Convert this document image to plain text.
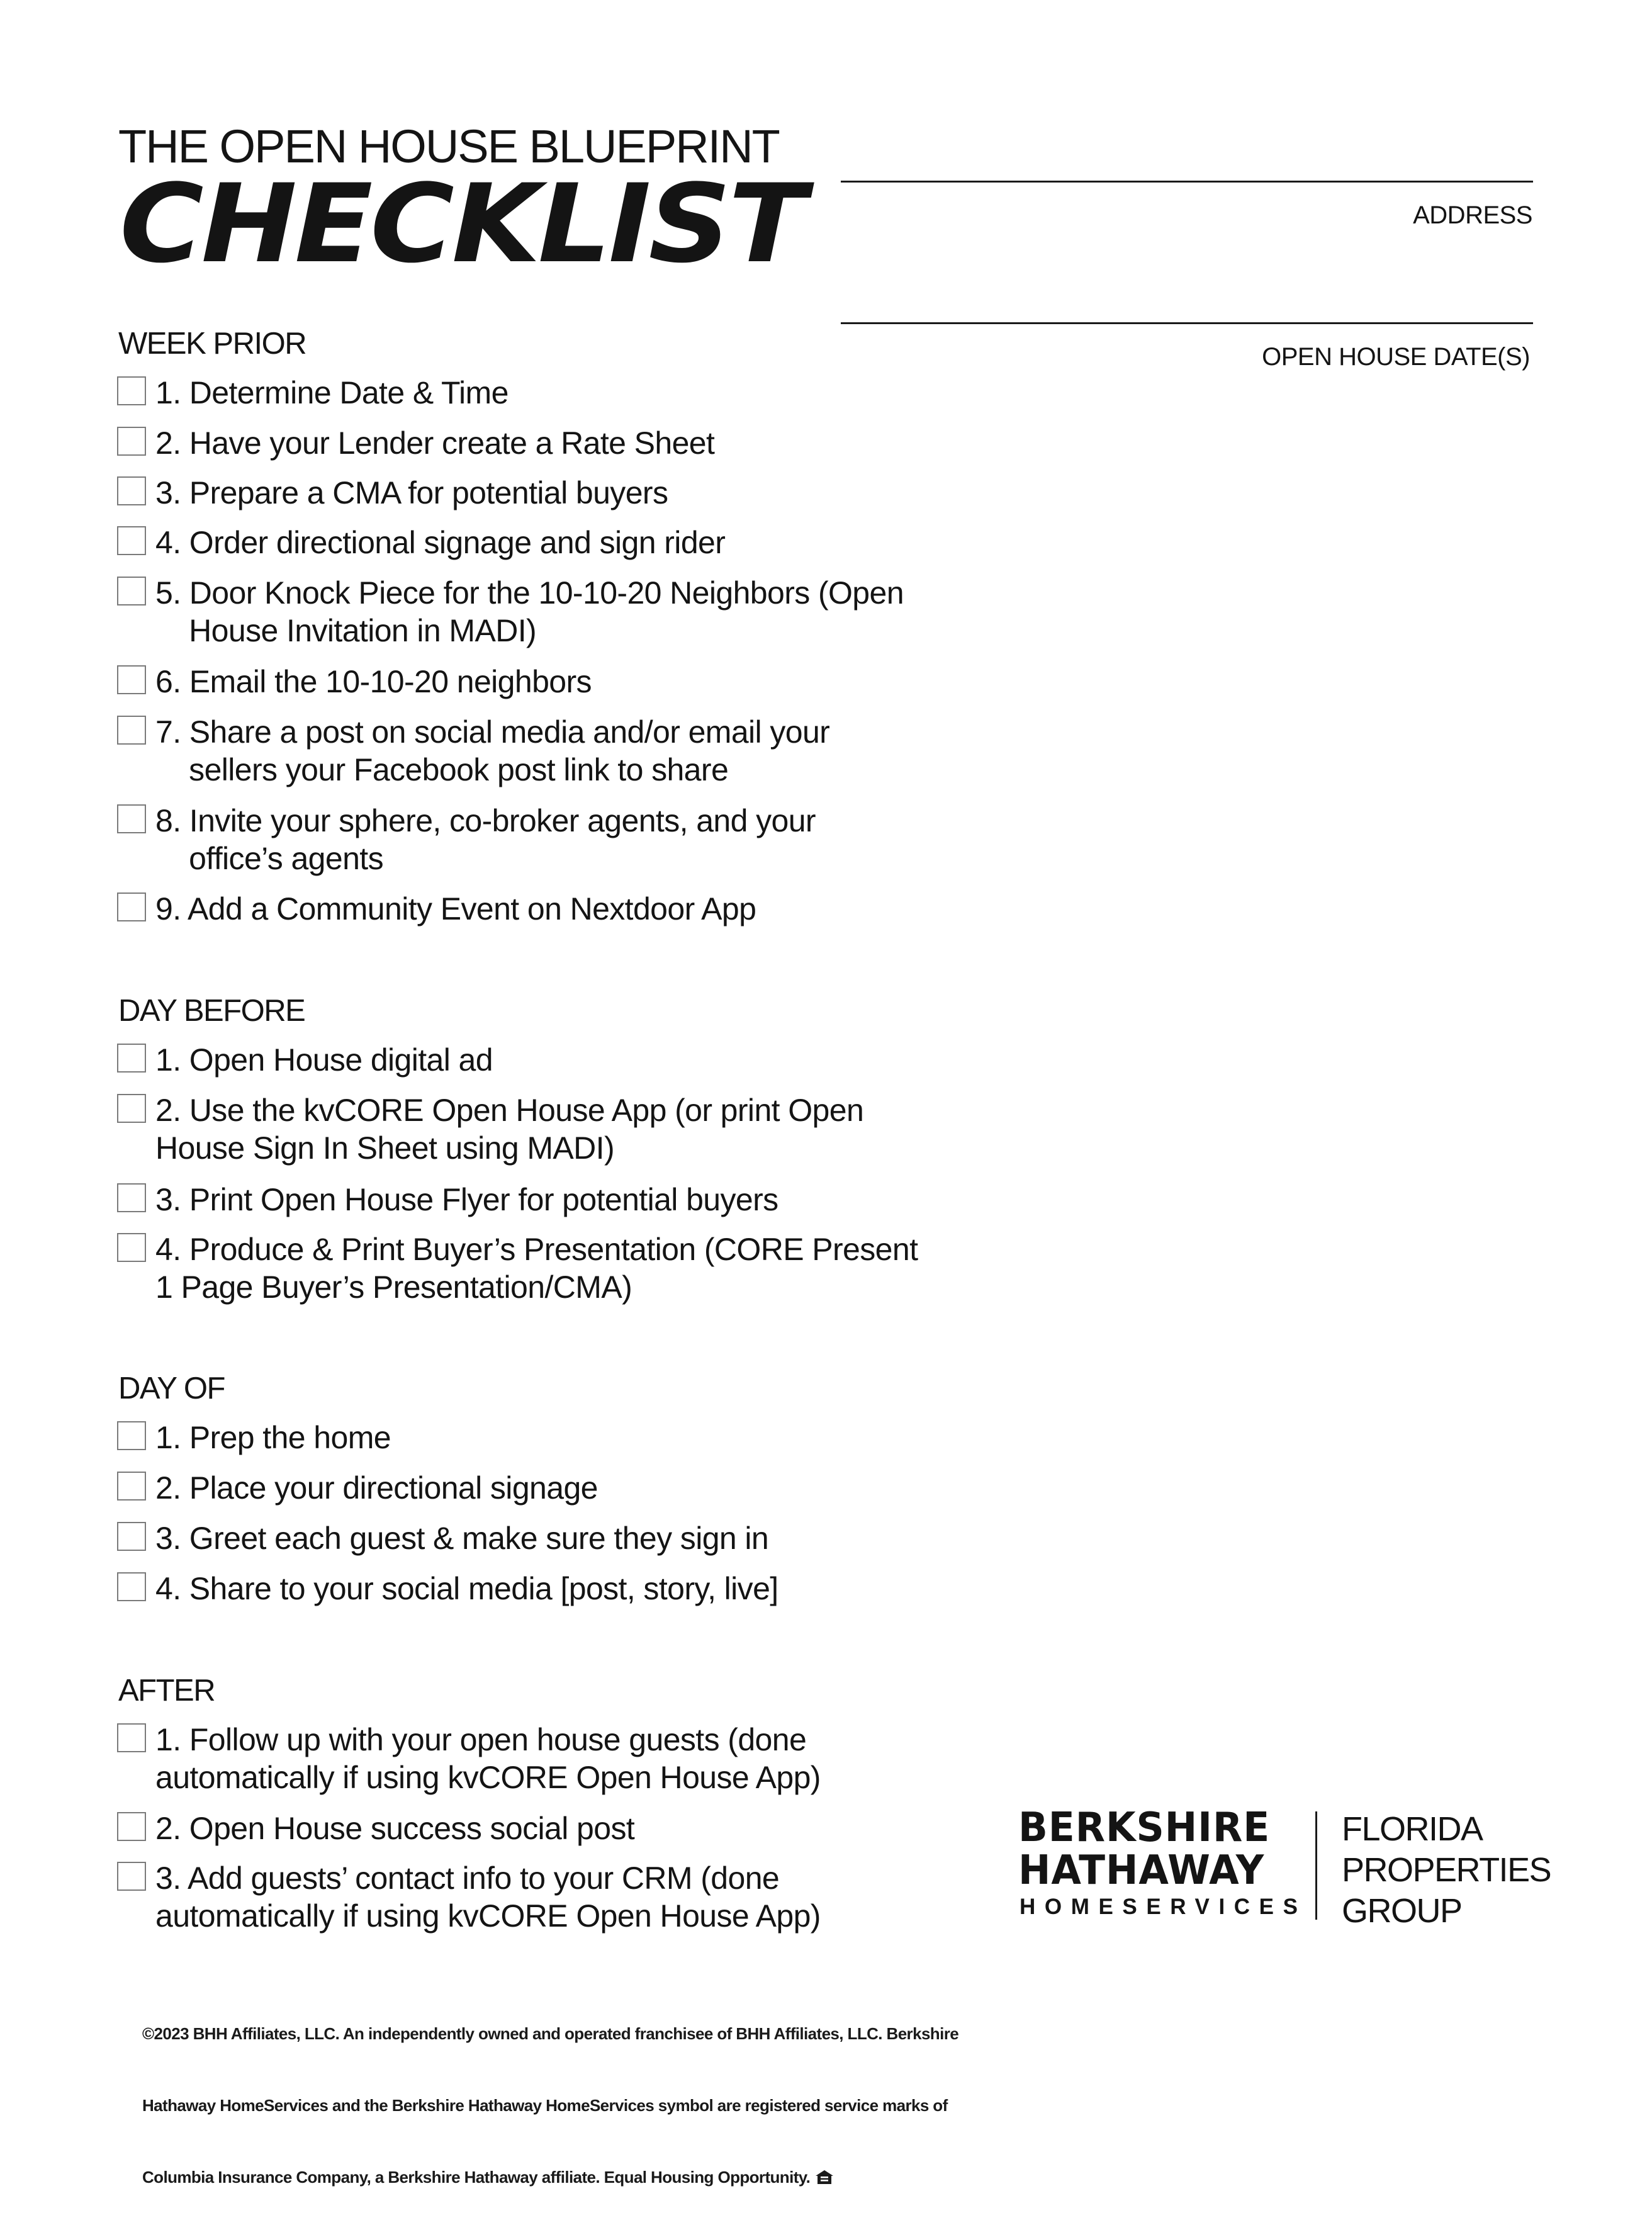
THE OPEN HOUSE BLUEPRINT
CHECKLIST	ADDRESS
OPEN HOUSE DATE(S)
WEEK PRIOR
1. Determine Date & Time
2. Have your Lender create a Rate Sheet
3. Prepare a CMA for potential buyers
4. Order directional signage and sign rider
5. Door Knock Piece for the 10-10-20 Neighbors (Open
House Invitation in MADI)
6. Email the 10-10-20 neighbors
7. Share a post on social media and/or email your
sellers your Facebook post link to share
8. Invite your sphere, co-broker agents, and your
office’s agents
9. Add a Community Event on Nextdoor App
DAY BEFORE
1. Open House digital ad
2. Use the kvCORE Open House App (or print Open
House Sign In Sheet using MADI)
3. Print Open House Flyer for potential buyers
4. Produce & Print Buyer’s Presentation (CORE Present
1 Page Buyer’s Presentation/CMA)
DAY OF
1. Prep the home
2. Place your directional signage
3. Greet each guest & make sure they sign in
4. Share to your social media [post, story, live]
AFTER
1. Follow up with your open house guests (done
automatically if using kvCORE Open House App)
2. Open House success social post
3. Add guests’ contact info to your CRM (done
automatically if using kvCORE Open House App)
BERKSHIRE
HATHAWAY
HOMESERVICES
FLORIDA
PROPERTIES
GROUP

©2023 BHH Affiliates, LLC. An independently owned and operated franchisee of BHH Affiliates, LLC. Berkshire

Hathaway HomeServices and the Berkshire Hathaway HomeServices symbol are registered service marks of

Columbia Insurance Company, a Berkshire Hathaway affiliate. Equal Housing Opportunity.
